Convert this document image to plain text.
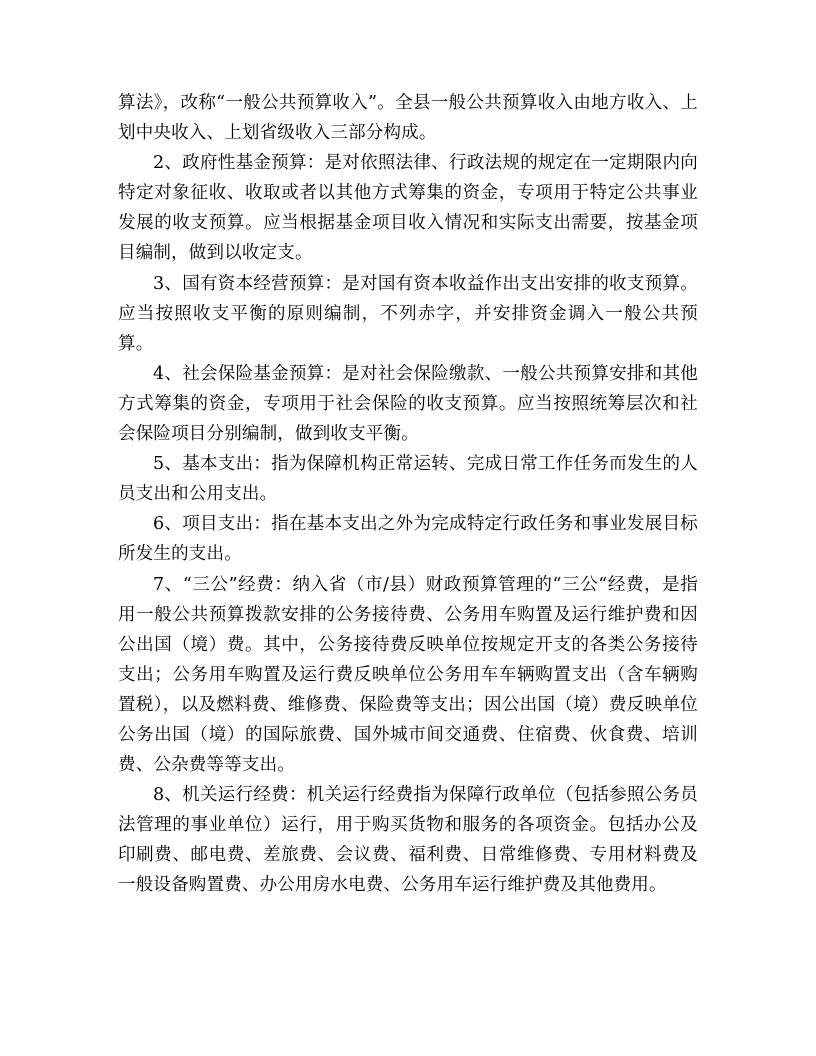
算法》，改称“一般公共预算收入”。全县一般公共预算收入由地方收入、上划中央收入、上划省级收入三部分构成。

2、政府性基金预算：是对依照法律、行政法规的规定在一定期限内向特定对象征收、收取或者以其他方式筹集的资金，专项用于特定公共事业发展的收支预算。应当根据基金项目收入情况和实际支出需要，按基金项目编制，做到以收定支。

3、国有资本经营预算：是对国有资本收益作出支出安排的收支预算。应当按照收支平衡的原则编制，不列赤字，并安排资金调入一般公共预算。

4、社会保险基金预算：是对社会保险缴款、一般公共预算安排和其他方式筹集的资金，专项用于社会保险的收支预算。应当按照统筹层次和社会保险项目分别编制，做到收支平衡。

5、基本支出：指为保障机构正常运转、完成日常工作任务而发生的人员支出和公用支出。

6、项目支出：指在基本支出之外为完成特定行政任务和事业发展目标所发生的支出。

7、“三公”经费：纳入省（市/县）财政预算管理的“三公“经费，是指用一般公共预算拨款安排的公务接待费、公务用车购置及运行维护费和因公出国（境）费。其中，公务接待费反映单位按规定开支的各类公务接待支出；公务用车购置及运行费反映单位公务用车车辆购置支出（含车辆购置税），以及燃料费、维修费、保险费等支出；因公出国（境）费反映单位公务出国（境）的国际旅费、国外城市间交通费、住宿费、伙食费、培训费、公杂费等等支出。

8、机关运行经费：机关运行经费指为保障行政单位（包括参照公务员法管理的事业单位）运行，用于购买货物和服务的各项资金。包括办公及印刷费、邮电费、差旅费、会议费、福利费、日常维修费、专用材料费及一般设备购置费、办公用房水电费、公务用车运行维护费及其他费用。
